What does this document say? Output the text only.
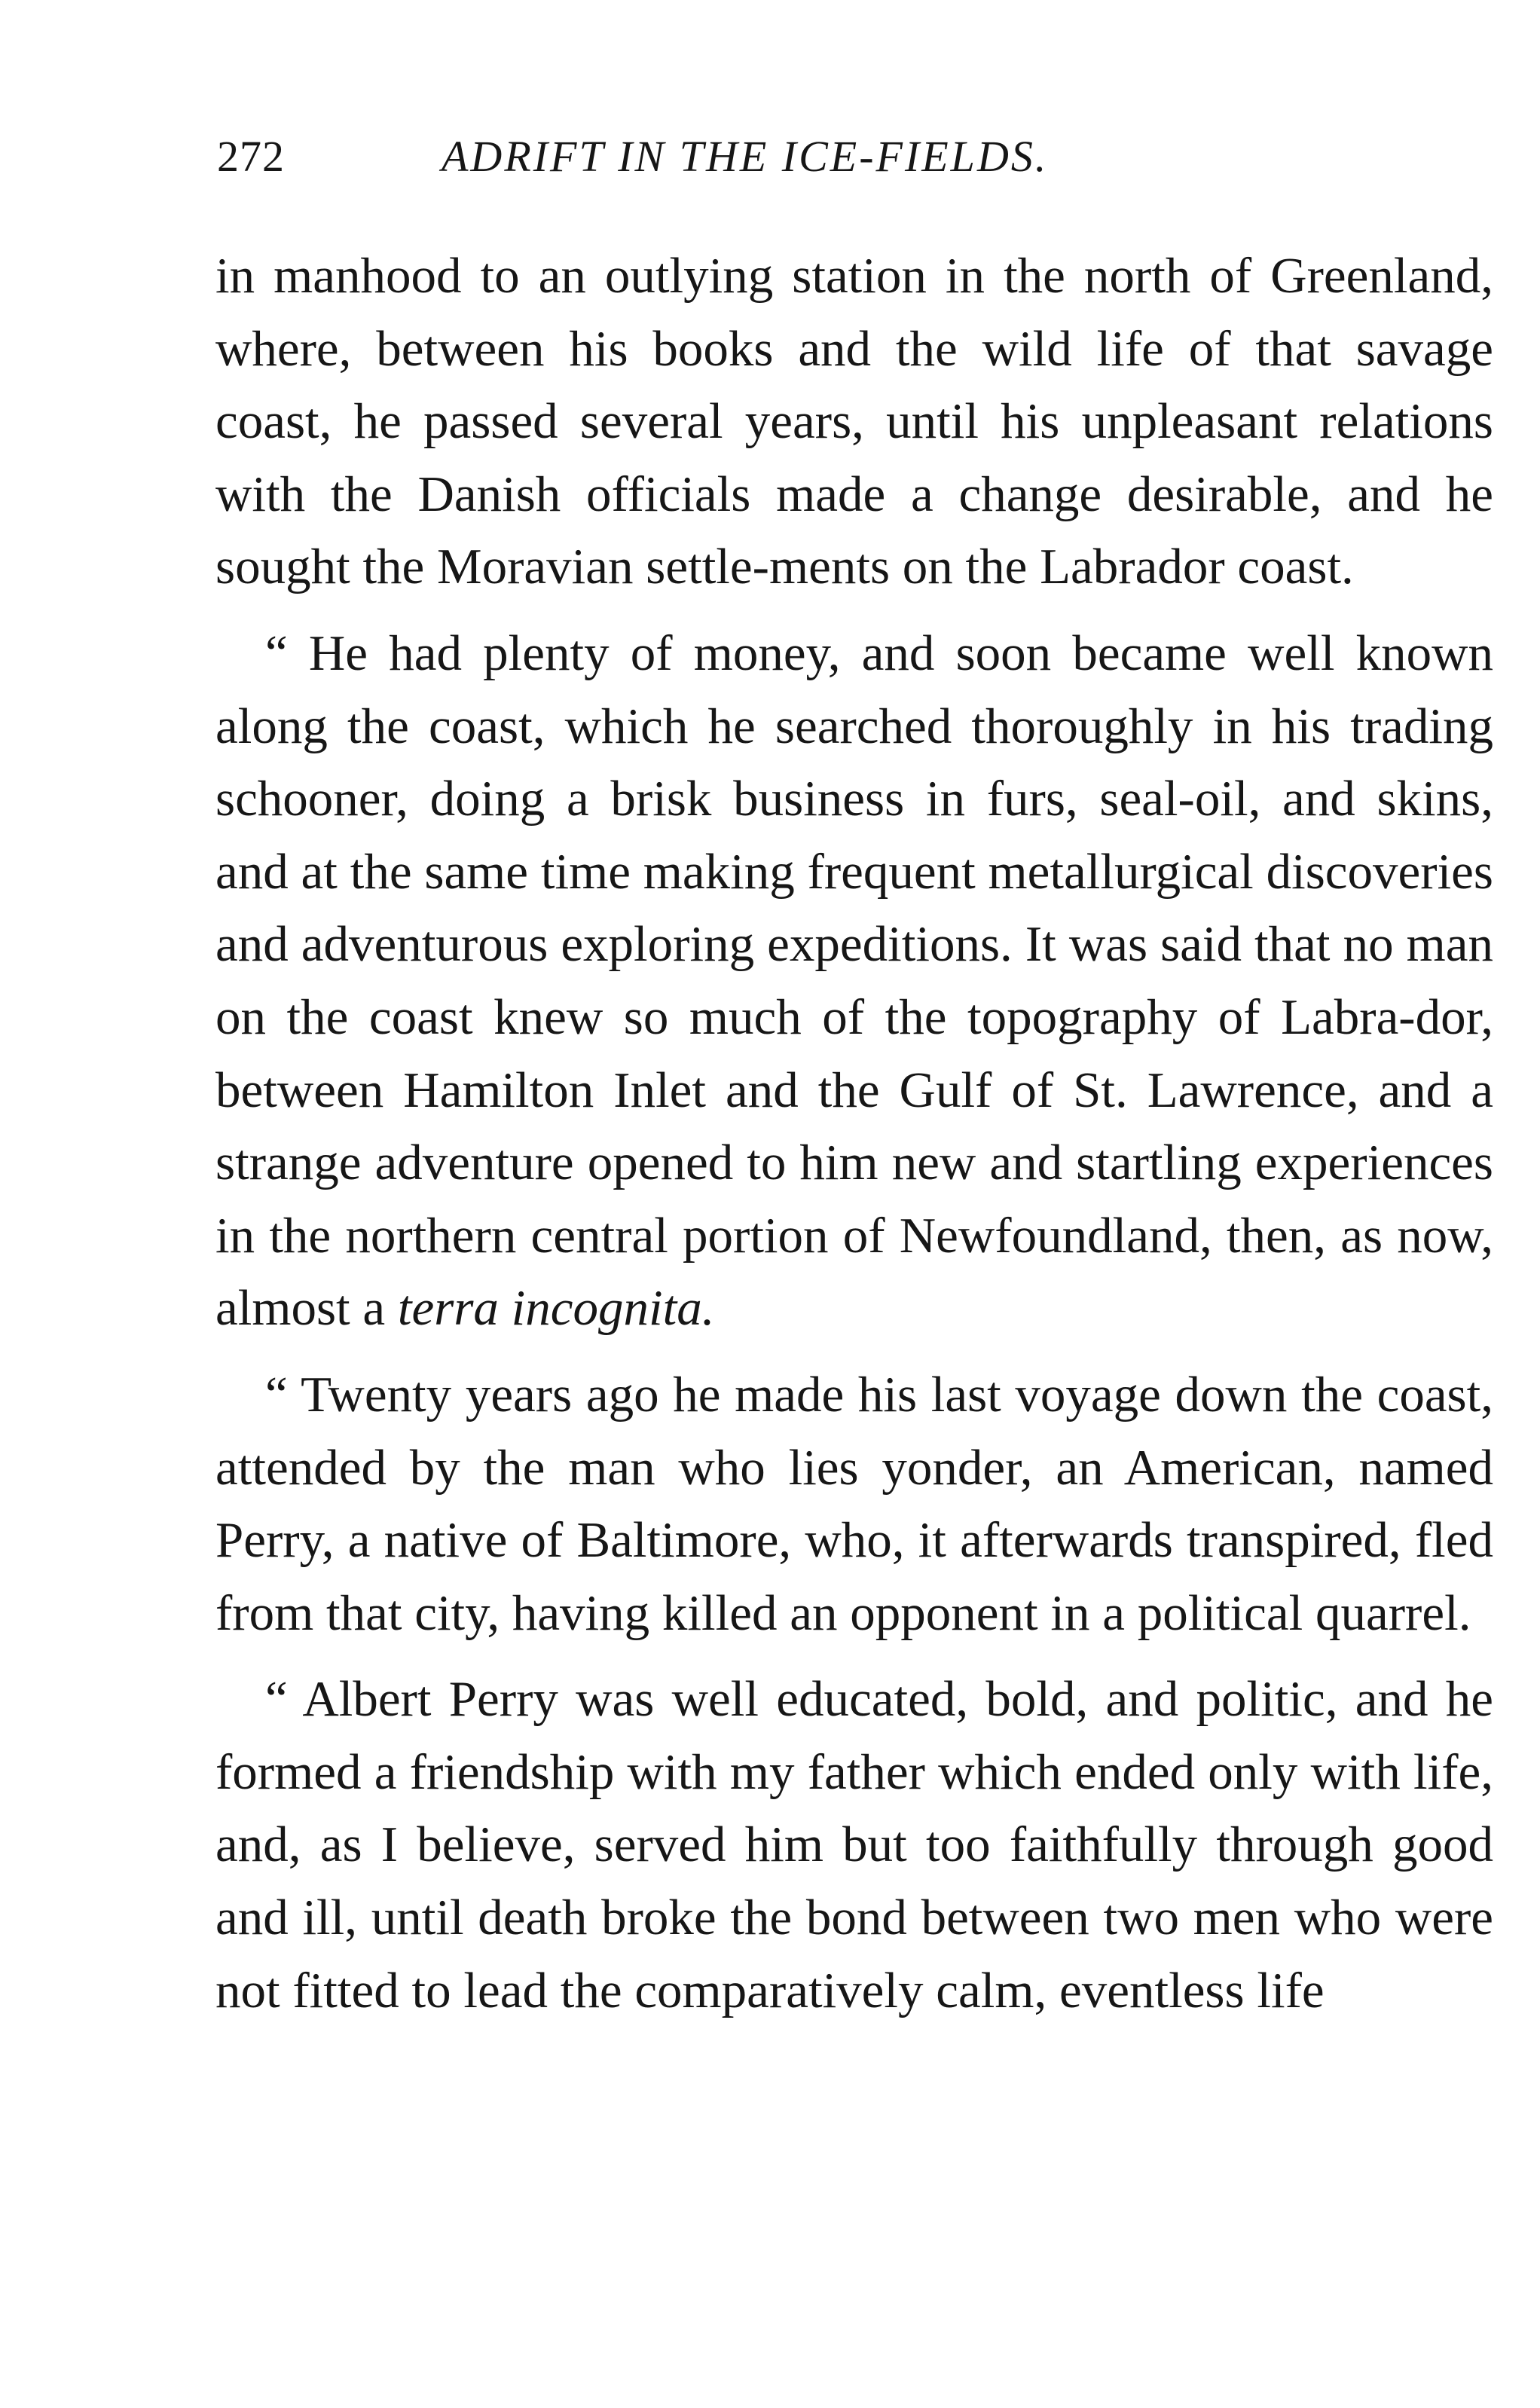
272	ADRIFT IN THE ICE-FIELDS.

in manhood to an outlying station in the north of Greenland, where, between his books and the wild life of that savage coast, he passed several years, until his unpleasant relations with the Danish officials made a change desirable, and he sought the Moravian settle-ments on the Labrador coast.

“ He had plenty of money, and soon became well known along the coast, which he searched thoroughly in his trading schooner, doing a brisk business in furs, seal-oil, and skins, and at the same time making frequent metallurgical discoveries and adventurous exploring expeditions. It was said that no man on the coast knew so much of the topography of Labra-dor, between Hamilton Inlet and the Gulf of St. Lawrence, and a strange adventure opened to him new and startling experiences in the northern central portion of Newfoundland, then, as now, almost a terra incognita.

“ Twenty years ago he made his last voyage down the coast, attended by the man who lies yonder, an American, named Perry, a native of Baltimore, who, it afterwards transpired, fled from that city, having killed an opponent in a political quarrel.

“ Albert Perry was well educated, bold, and politic, and he formed a friendship with my father which ended only with life, and, as I believe, served him but too faithfully through good and ill, until death broke the bond between two men who were not fitted to lead the comparatively calm, eventless life
